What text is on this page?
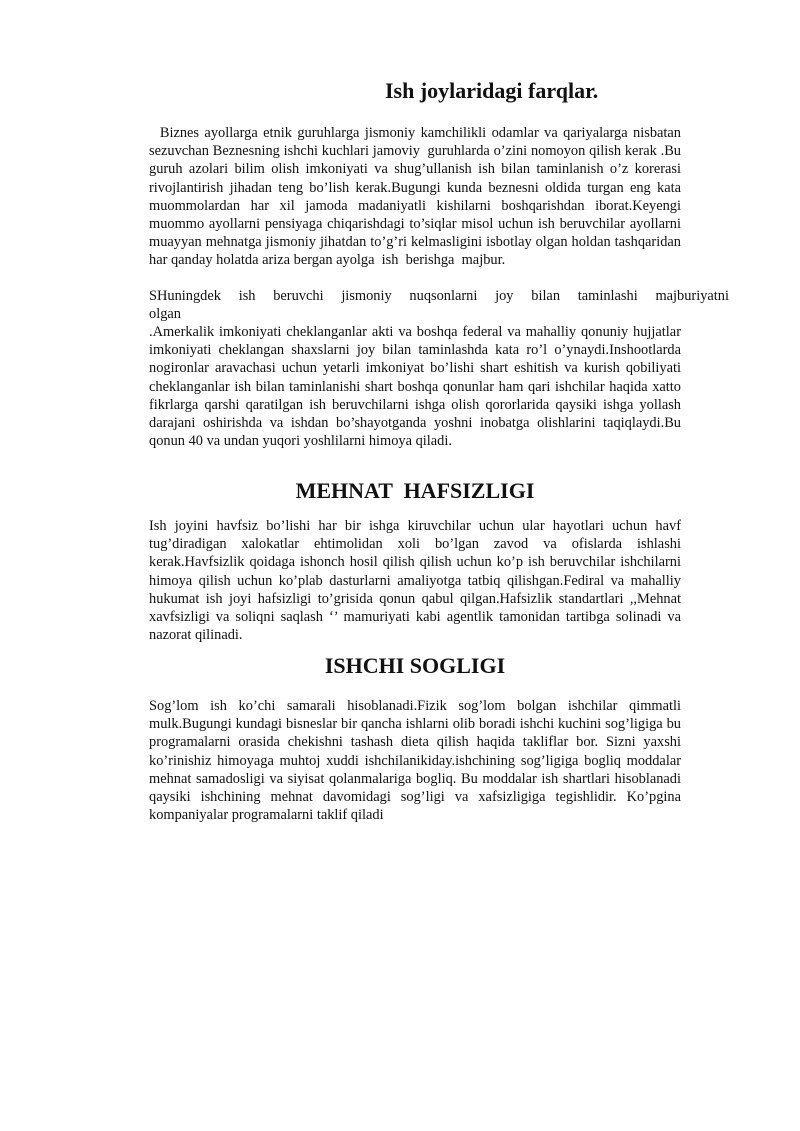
Ish joylaridagi farqlar.

Biznes ayollarga etnik guruhlarga jismoniy kamchilikli odamlar va qariyalarga nisbatan sezuvchan Beznesning ishchi kuchlari jamoviy  guruhlarda o’zini nomoyon qilish kerak .Bu guruh azolari bilim olish imkoniyati va shug’ullanish ish bilan taminlanish o’z korerasi rivojlantirish jihadan teng bo’lish kerak.Bugungi kunda beznesni oldida turgan eng kata muommolardan har xil jamoda madaniyatli kishilarni boshqarishdan iborat.Keyengi muommo ayollarni pensiyaga chiqarishdagi to’siqlar misol uchun ish beruvchilar ayollarni muayyan mehnatga jismoniy jihatdan to’g’ri kelmasligini isbotlay olgan holdan tashqaridan har qanday holatda ariza bergan ayolga  ish  berishga  majbur.

SHuningdek ish beruvchi jismoniy nuqsonlarni joy bilan taminlashi majburiyatni

olgan

.Amerkalik imkoniyati cheklanganlar akti va boshqa federal va mahalliy qonuniy hujjatlar imkoniyati cheklangan shaxslarni joy bilan taminlashda kata ro’l o’ynaydi.Inshootlarda nogironlar aravachasi uchun yetarli imkoniyat bo’lishi shart eshitish va kurish qobiliyati cheklanganlar ish bilan taminlanishi shart boshqa qonunlar ham qari ishchilar haqida xatto fikrlarga qarshi qaratilgan ish beruvchilarni ishga olish qororlarida qaysiki ishga yollash darajani oshirishda va ishdan bo’shayotganda yoshni inobatga olishlarini taqiqlaydi.Bu qonun 40 va undan yuqori yoshlilarni himoya qiladi.

MEHNAT  HAFSIZLIGI

Ish joyini havfsiz bo’lishi har bir ishga kiruvchilar uchun ular hayotlari uchun havf tug’diradigan xalokatlar ehtimolidan xoli bo’lgan zavod va ofislarda ishlashi kerak.Havfsizlik qoidaga ishonch hosil qilish qilish uchun ko’p ish beruvchilar ishchilarni himoya qilish uchun ko’plab dasturlarni amaliyotga tatbiq qilishgan.Fediral va mahalliy hukumat ish joyi hafsizligi to’grisida qonun qabul qilgan.Hafsizlik standartlari ,,Mehnat xavfsizligi va soliqni saqlash ‘’ mamuriyati kabi agentlik tamonidan tartibga solinadi va nazorat qilinadi.

ISHCHI SOGLIGI

Sog’lom ish ko’chi samarali hisoblanadi.Fizik sog’lom bolgan ishchilar qimmatli mulk.Bugungi kundagi bisneslar bir qancha ishlarni olib boradi ishchi kuchini sog’ligiga bu programalarni orasida chekishni tashash dieta qilish haqida takliflar bor. Sizni yaxshi ko’rinishiz himoyaga muhtoj xuddi ishchilanikiday.ishchining sog’ligiga bogliq moddalar mehnat samadosligi va siyisat qolanmalariga bogliq. Bu moddalar ish shartlari hisoblanadi qaysiki ishchining mehnat davomidagi sog’ligi va xafsizligiga tegishlidir. Ko’pgina kompaniyalar programalarni taklif qiladi
